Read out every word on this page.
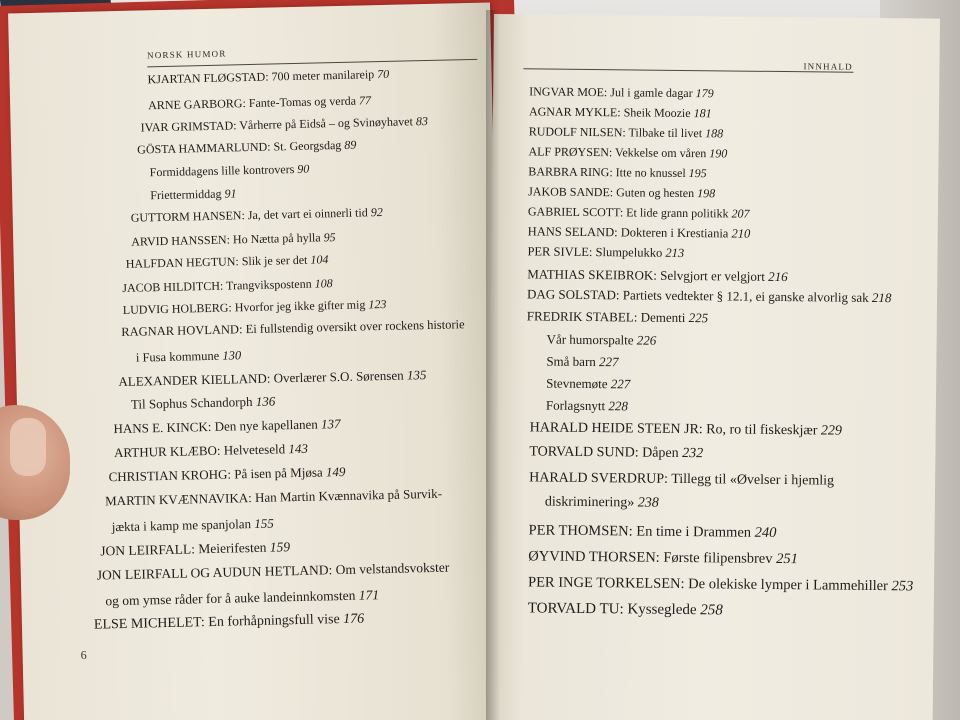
NORSK HUMOR
KJARTAN FLØGSTAD: 700 meter manilareip 70
ARNE GARBORG: Fante-Tomas og verda 77
IVAR GRIMSTAD: Vårherre på Eidså – og Svinøyhavet 83
GÖSTA HAMMARLUND: St. Georgsdag 89
Formiddagens lille kontrovers 90
Friettermiddag 91
GUTTORM HANSEN: Ja, det vart ei oinnerli tid 92
ARVID HANSSEN: Ho Nætta på hylla 95
HALFDAN HEGTUN: Slik je ser det 104
JACOB HILDITCH: Trangvikspostenn 108
LUDVIG HOLBERG: Hvorfor jeg ikke gifter mig 123
RAGNAR HOVLAND: Ei fullstendig oversikt over rockens historie
i Fusa kommune 130
ALEXANDER KIELLAND: Overlærer S.O. Sørensen 135
Til Sophus Schandorph 136
HANS E. KINCK: Den nye kapellanen 137
ARTHUR KLÆBO: Helveteseld 143
CHRISTIAN KROHG: På isen på Mjøsa 149
MARTIN KVÆNNAVIKA: Han Martin Kvænnavika på Survik-
jækta i kamp me spanjolan 155
JON LEIRFALL: Meierifesten 159
JON LEIRFALL OG AUDUN HETLAND: Om velstandsvokster
og om ymse råder for å auke landeinnkomsten 171
ELSE MICHELET: En forhåpningsfull vise 176
6
INNHALD
INGVAR MOE: Jul i gamle dagar 179
AGNAR MYKLE: Sheik Moozie 181
RUDOLF NILSEN: Tilbake til livet 188
ALF PRØYSEN: Vekkelse om våren 190
BARBRA RING: Itte no knussel 195
JAKOB SANDE: Guten og hesten 198
GABRIEL SCOTT: Et lide grann politikk 207
HANS SELAND: Dokteren i Krestiania 210
PER SIVLE: Slumpelukko 213
MATHIAS SKEIBROK: Selvgjort er velgjort 216
DAG SOLSTAD: Partiets vedtekter § 12.1, ei ganske alvorlig sak 218
FREDRIK STABEL: Dementi 225
Vår humorspalte 226
Små barn 227
Stevnemøte 227
Forlagsnytt 228
HARALD HEIDE STEEN JR: Ro, ro til fiskeskjær 229
TORVALD SUND: Dåpen 232
HARALD SVERDRUP: Tillegg til «Øvelser i hjemlig
diskriminering» 238
PER THOMSEN: En time i Drammen 240
ØYVIND THORSEN: Første filipensbrev 251
PER INGE TORKELSEN: De olekiske lymper i Lammehiller 253
TORVALD TU: Kysseglede 258
